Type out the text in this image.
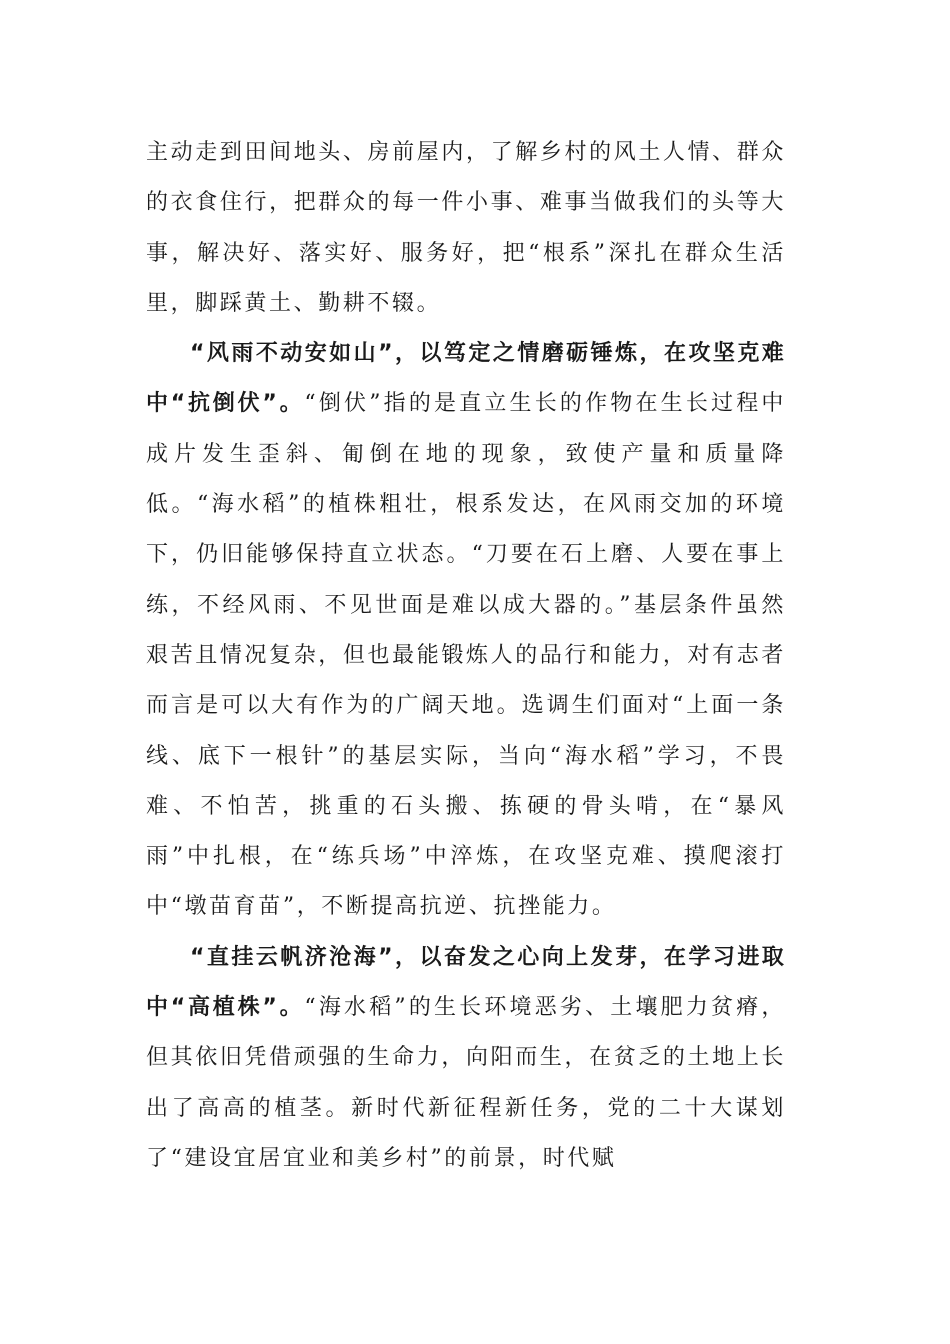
主动走到田间地头、房前屋内，了解乡村的风土人情、群众的衣食住行，把群众的每一件小事、难事当做我们的头等大事，解决好、落实好、服务好，把“根系”深扎在群众生活里，脚踩黄土、勤耕不辍。

“风雨不动安如山”，以笃定之情磨砺锤炼，在攻坚克难中“抗倒伏”。“倒伏”指的是直立生长的作物在生长过程中成片发生歪斜、匍倒在地的现象，致使产量和质量降低。“海水稻”的植株粗壮，根系发达，在风雨交加的环境下，仍旧能够保持直立状态。“刀要在石上磨、人要在事上练，不经风雨、不见世面是难以成大器的。”基层条件虽然艰苦且情况复杂，但也最能锻炼人的品行和能力，对有志者而言是可以大有作为的广阔天地。选调生们面对“上面一条线、底下一根针”的基层实际，当向“海水稻”学习，不畏难、不怕苦，挑重的石头搬、拣硬的骨头啃，在“暴风雨”中扎根，在“练兵场”中淬炼，在攻坚克难、摸爬滚打中“墩苗育苗”，不断提高抗逆、抗挫能力。

“直挂云帆济沧海”，以奋发之心向上发芽，在学习进取中“高植株”。“海水稻”的生长环境恶劣、土壤肥力贫瘠，但其依旧凭借顽强的生命力，向阳而生，在贫乏的土地上长出了高高的植茎。新时代新征程新任务，党的二十大谋划了“建设宜居宜业和美乡村”的前景，时代赋
